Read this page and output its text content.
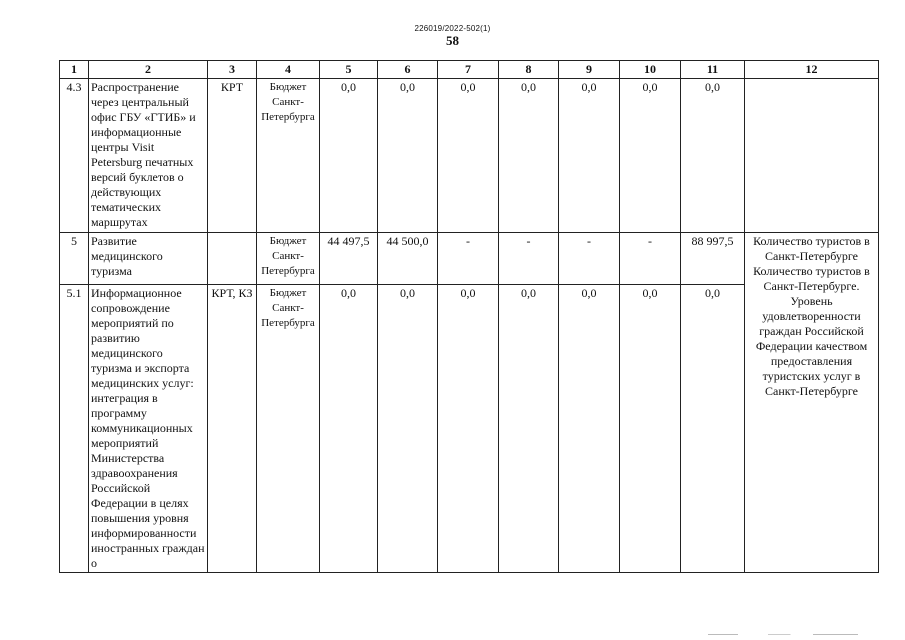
226019/2022-502(1)
58
1	2	3	4	5	6	7	8	9	10	11	12
4.3	Распространение через центральный офис ГБУ «ГТИБ» и информационные центры Visit Petersburg печатных версий буклетов о действующих тематических маршрутах	КРТ	Бюджет Санкт-Петербурга	0,0	0,0	0,0	0,0	0,0	0,0	0,0	
5	Развитие медицинского туризма		Бюджет Санкт-Петербурга	44 497,5	44 500,0	-	-	-	-	88 997,5	Количество туристов в Санкт-Петербурге Количество туристов в Санкт-Петербурге. Уровень удовлетворенности граждан Российской Федерации качеством предоставления туристских услуг в Санкт-Петербурге
5.1	Информационное сопровождение мероприятий по развитию медицинского туризма и экспорта медицинских услуг: интеграция в программу коммуникационных мероприятий Министерства здравоохранения Российской Федерации в целях повышения уровня информированности иностранных граждан о	КРТ, КЗ	Бюджет Санкт-Петербурга	0,0	0,0	0,0	0,0	0,0	0,0	0,0	
